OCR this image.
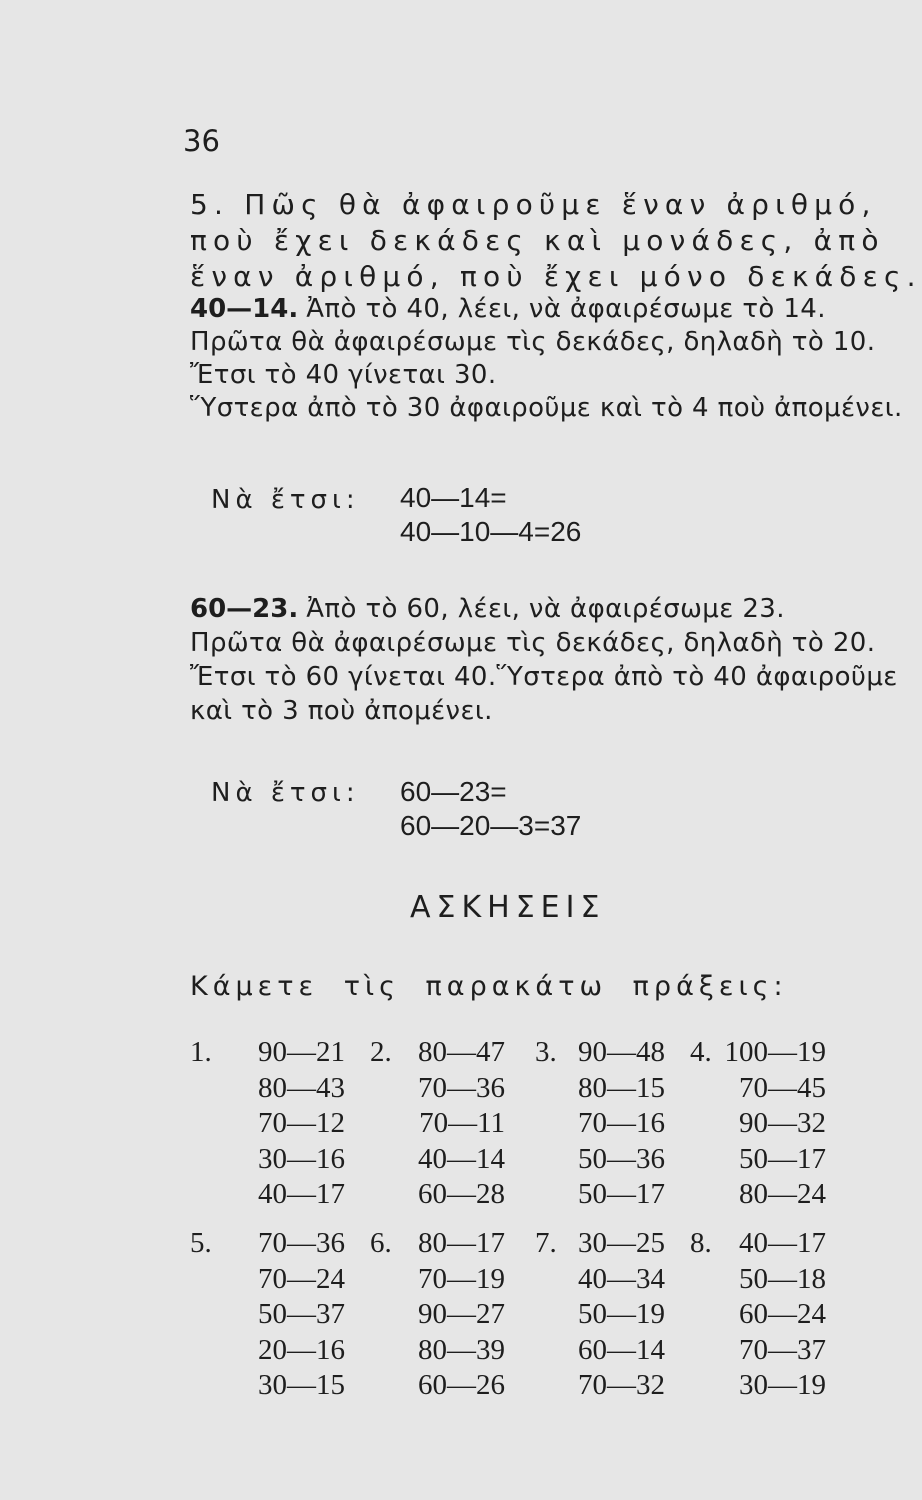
36
5. Πῶς θὰ ἀφαιροῦμε ἕναν ἀριθμό,
ποὺ ἔχει δεκάδες καὶ μονάδες, ἀπὸ
ἕναν ἀριθμό, ποὺ ἔχει μόνο δεκάδες.
40—14. Ἀπὸ τὸ 40, λέει, νὰ ἀφαιρέσωμε τὸ 14.
Πρῶτα θὰ ἀφαιρέσωμε τὶς δεκάδες, δηλαδὴ τὸ 10.
Ἔτσι τὸ 40 γίνεται 30.
Ὕστερα ἀπὸ τὸ 30 ἀφαιροῦμε καὶ τὸ 4 ποὺ ἀπομένει.
Νὰ ἔτσι: 40—14=
40—10—4=26
60—23. Ἀπὸ τὸ 60, λέει, νὰ ἀφαιρέσωμε 23.
Πρῶτα θὰ ἀφαιρέσωμε τὶς δεκάδες, δηλαδὴ τὸ 20.
Ἔτσι τὸ 60 γίνεται 40.Ὕστερα ἀπὸ τὸ 40 ἀφαιροῦμε
καὶ τὸ 3 ποὺ ἀπομένει.
Νὰ ἔτσι: 60—23=
60—20—3=37
ΑΣΚΗΣΕΙΣ
Κάμετε τὶς παρακάτω πράξεις:
1. 90—21
80—43
70—12
30—16
40—17
2. 80—47
70—36
70—11
40—14
60—28
3. 90—48
80—15
70—16
50—36
50—17
4. 100—19
70—45
90—32
50—17
80—24
5. 70—36
70—24
50—37
20—16
30—15
6. 80—17
70—19
90—27
80—39
60—26
7. 30—25
40—34
50—19
60—14
70—32
8. 40—17
50—18
60—24
70—37
30—19
